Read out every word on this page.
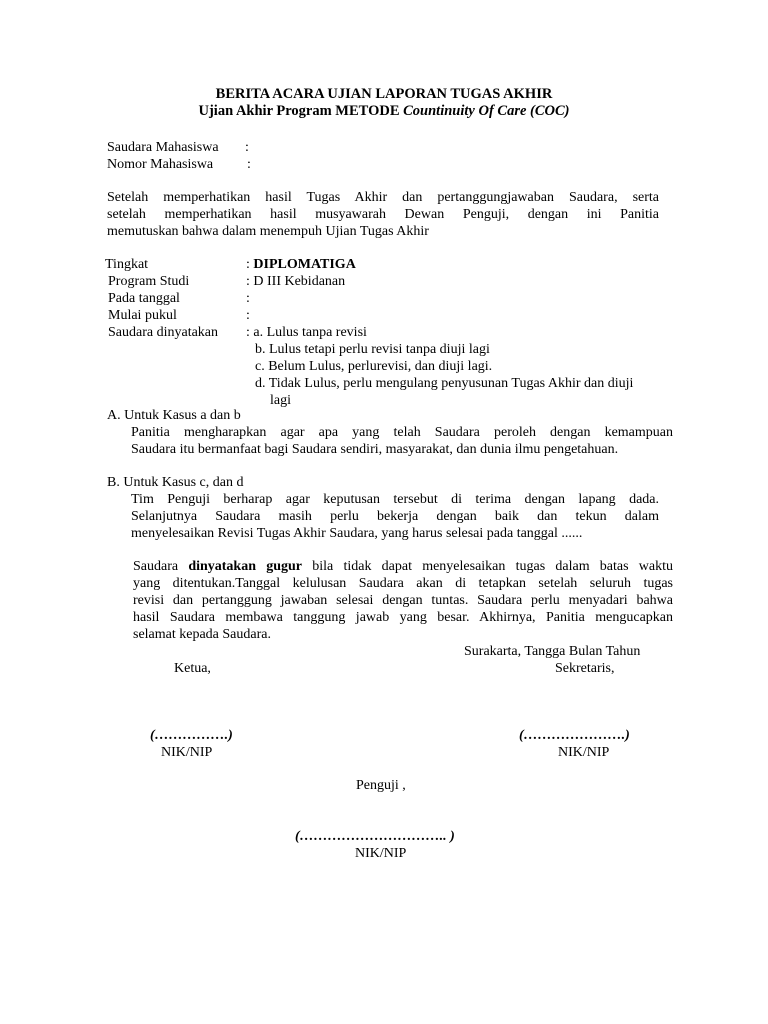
BERITA ACARA UJIAN LAPORAN TUGAS AKHIR
Ujian Akhir Program METODE Countinuity Of Care (COC)
Saudara Mahasiswa :
Nomor Mahasiswa :
Setelah memperhatikan hasil Tugas Akhir dan pertanggungjawaban Saudara, serta
setelah memperhatikan hasil musyawarah Dewan Penguji, dengan ini Panitia
memutuskan bahwa dalam menempuh Ujian Tugas Akhir
Tingkat	: DIPLOMATIGA
Program Studi	: D III Kebidanan
Pada tanggal	:
Mulai pukul	:
Saudara dinyatakan : a. Lulus tanpa revisi
b. Lulus tetapi perlu revisi tanpa diuji lagi
c. Belum Lulus, perlurevisi, dan diuji lagi.
d. Tidak Lulus, perlu mengulang penyusunan Tugas Akhir dan diuji
lagi
A. Untuk Kasus a dan b
Panitia mengharapkan agar apa yang telah Saudara peroleh dengan kemampuan
Saudara itu bermanfaat bagi Saudara sendiri, masyarakat, dan dunia ilmu pengetahuan.
B. Untuk Kasus c, dan d
Tim Penguji berharap agar keputusan tersebut di terima dengan lapang dada.
Selanjutnya Saudara masih perlu bekerja dengan baik dan tekun dalam
menyelesaikan Revisi Tugas Akhir Saudara, yang harus selesai pada tanggal ......
Saudara dinyatakan gugur bila tidak dapat menyelesaikan tugas dalam batas waktu
yang ditentukan.Tanggal kelulusan Saudara akan di tetapkan setelah seluruh tugas
revisi dan pertanggung jawaban selesai dengan tuntas. Saudara perlu menyadari bahwa
hasil Saudara membawa tanggung jawab yang besar. Akhirnya, Panitia mengucapkan
selamat kepada Saudara.
Surakarta, Tangga Bulan Tahun
Ketua,	Sekretaris,
(…………….)	(………………….)
NIK/NIP	NIK/NIP
Penguji ,
(………………………….. )
NIK/NIP
